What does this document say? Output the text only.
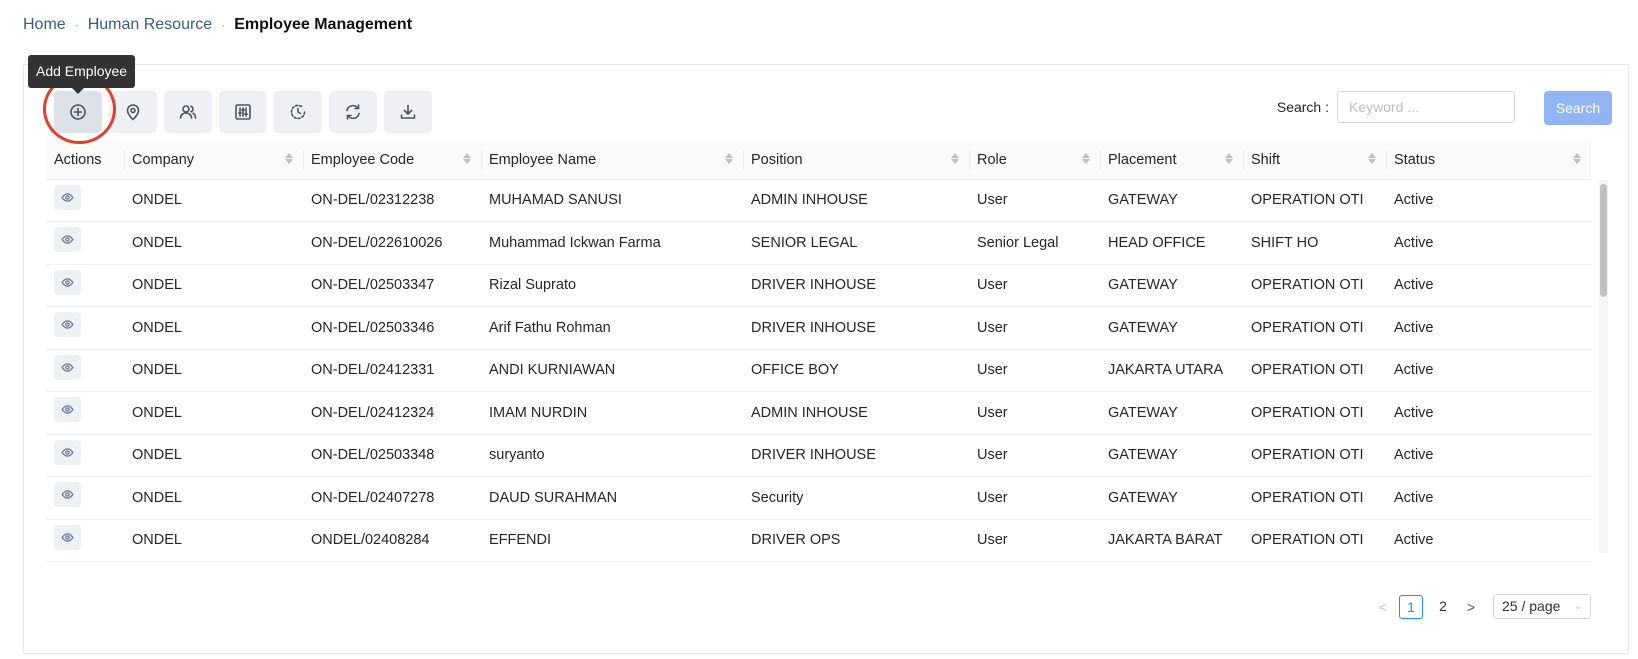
Home · Human Resource · Employee Management
Add Employee
Search :
Keyword ...	Search
Actions	Company	Employee Code	Employee Name	Position	Role	Placement	Shift	Status

	ONDEL	ON-DEL/02312238	MUHAMAD SANUSI	ADMIN INHOUSE	User	GATEWAY	OPERATION OTI	Active

	ONDEL	ON-DEL/022610026	Muhammad Ickwan Farma	SENIOR LEGAL	Senior Legal	HEAD OFFICE	SHIFT HO	Active

	ONDEL	ON-DEL/02503347	Rizal Suprato	DRIVER INHOUSE	User	GATEWAY	OPERATION OTI	Active

	ONDEL	ON-DEL/02503346	Arif Fathu Rohman	DRIVER INHOUSE	User	GATEWAY	OPERATION OTI	Active

	ONDEL	ON-DEL/02412331	ANDI KURNIAWAN	OFFICE BOY	User	JAKARTA UTARA	OPERATION OTI	Active

	ONDEL	ON-DEL/02412324	IMAM NURDIN	ADMIN INHOUSE	User	GATEWAY	OPERATION OTI	Active

	ONDEL	ON-DEL/02503348	suryanto	DRIVER INHOUSE	User	GATEWAY	OPERATION OTI	Active

	ONDEL	ON-DEL/02407278	DAUD SURAHMAN	Security	User	GATEWAY	OPERATION OTI	Active

	ONDEL	ONDEL/02408284	EFFENDI	DRIVER OPS	User	JAKARTA BARAT	OPERATION OTI	Active
<	1	2	> 25 / page ⌄
